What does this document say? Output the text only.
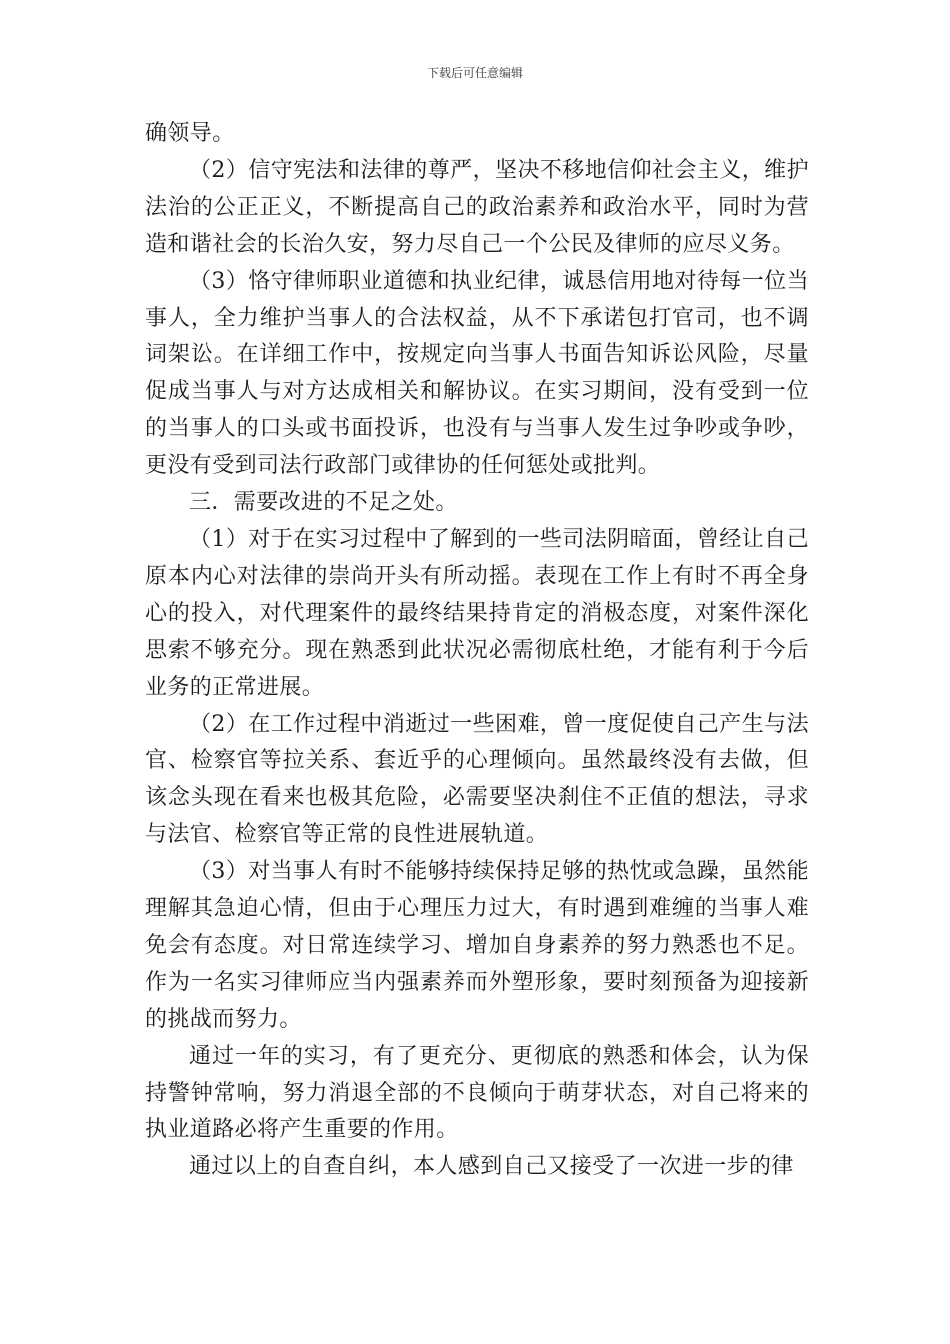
下载后可任意编辑

确领导。

（2）信守宪法和法律的尊严，坚决不移地信仰社会主义，维护法治的公正正义，不断提高自己的政治素养和政治水平，同时为营造和谐社会的长治久安，努力尽自己一个公民及律师的应尽义务。

（3）恪守律师职业道德和执业纪律，诚恳信用地对待每一位当事人，全力维护当事人的合法权益，从不下承诺包打官司，也不调词架讼。在详细工作中，按规定向当事人书面告知诉讼风险，尽量促成当事人与对方达成相关和解协议。在实习期间，没有受到一位的当事人的口头或书面投诉，也没有与当事人发生过争吵或争吵，更没有受到司法行政部门或律协的任何惩处或批判。

三．需要改进的不足之处。

（1）对于在实习过程中了解到的一些司法阴暗面，曾经让自己原本内心对法律的崇尚开头有所动摇。表现在工作上有时不再全身心的投入，对代理案件的最终结果持肯定的消极态度，对案件深化思索不够充分。现在熟悉到此状况必需彻底杜绝，才能有利于今后业务的正常进展。

（2）在工作过程中消逝过一些困难，曾一度促使自己产生与法官、检察官等拉关系、套近乎的心理倾向。虽然最终没有去做，但该念头现在看来也极其危险，必需要坚决刹住不正值的想法，寻求与法官、检察官等正常的良性进展轨道。

（3）对当事人有时不能够持续保持足够的热忱或急躁，虽然能理解其急迫心情，但由于心理压力过大，有时遇到难缠的当事人难免会有态度。对日常连续学习、增加自身素养的努力熟悉也不足。作为一名实习律师应当内强素养而外塑形象，要时刻预备为迎接新的挑战而努力。

通过一年的实习，有了更充分、更彻底的熟悉和体会，认为保持警钟常响，努力消退全部的不良倾向于萌芽状态，对自己将来的执业道路必将产生重要的作用。

通过以上的自查自纠，本人感到自己又接受了一次进一步的律
